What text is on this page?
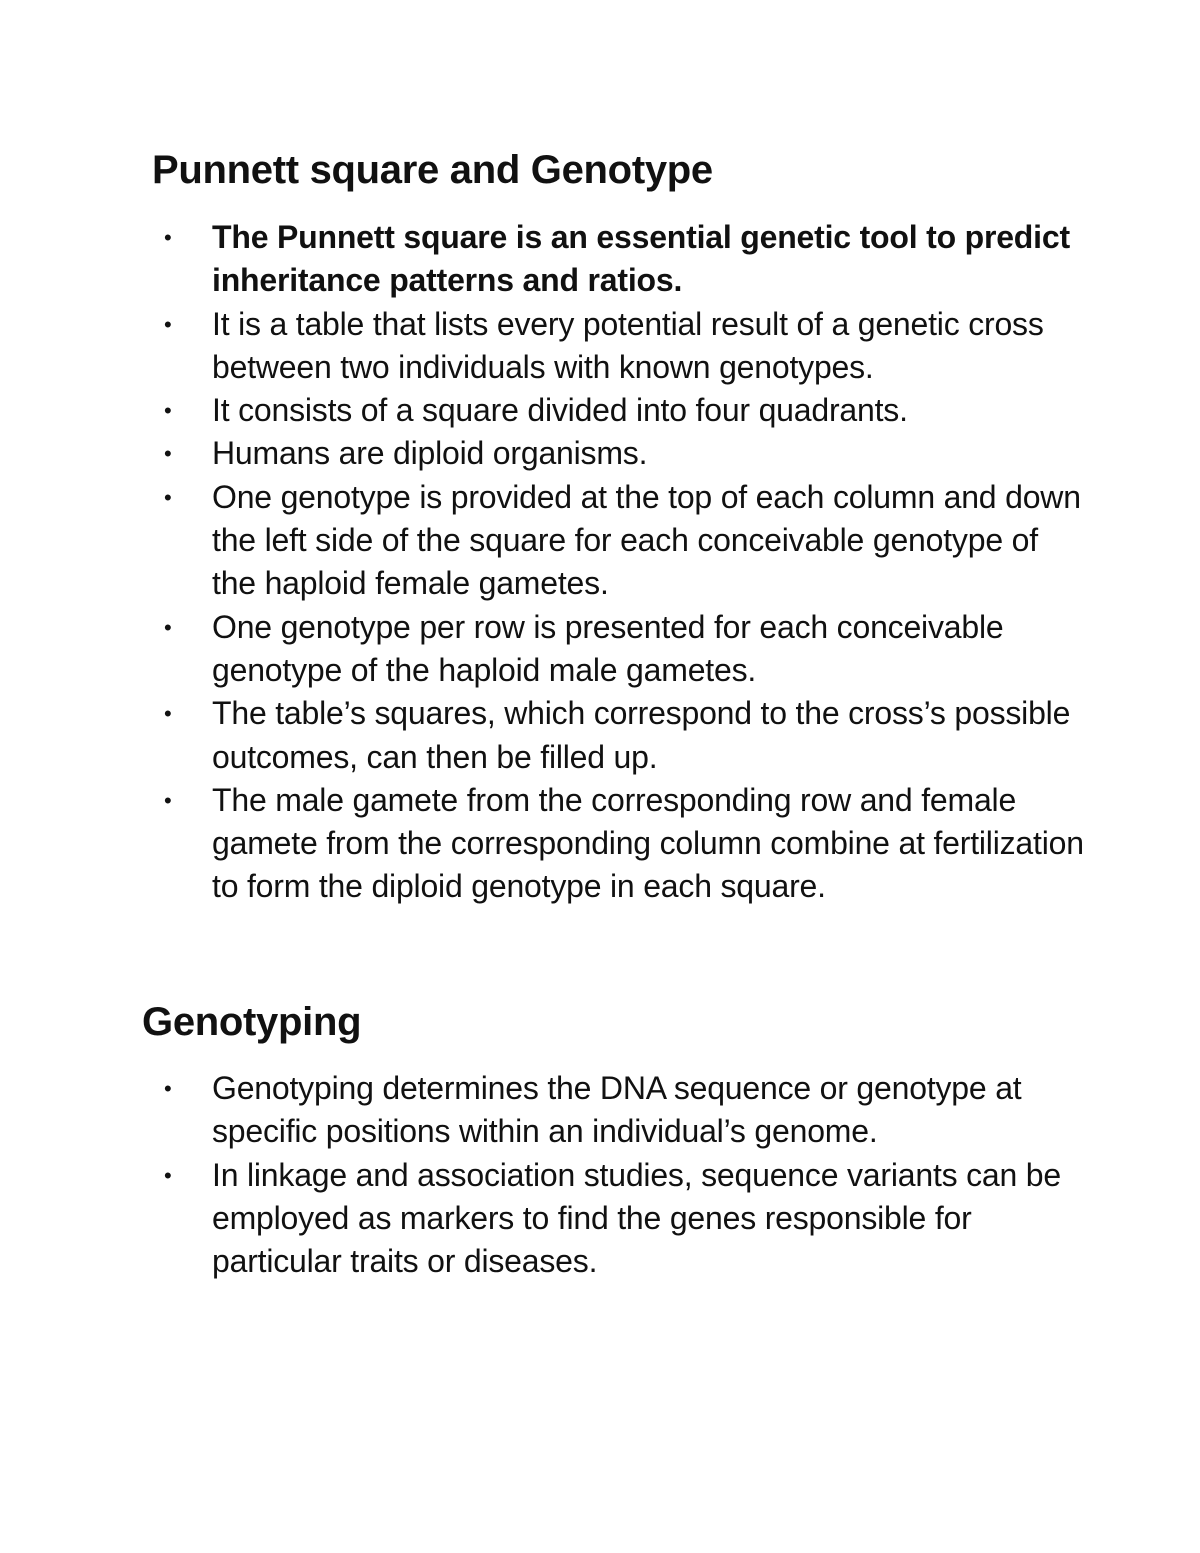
Punnett square and Genotype
• The Punnett square is an essential genetic tool to predict inheritance patterns and ratios.
• It is a table that lists every potential result of a genetic cross between two individuals with known genotypes.
• It consists of a square divided into four quadrants.
• Humans are diploid organisms.
• One genotype is provided at the top of each column and down the left side of the square for each conceivable genotype of the haploid female gametes.
• One genotype per row is presented for each conceivable genotype of the haploid male gametes.
• The table’s squares, which correspond to the cross’s possible outcomes, can then be filled up.
• The male gamete from the corresponding row and female gamete from the corresponding column combine at fertilization to form the diploid genotype in each square.
Genotyping
• Genotyping determines the DNA sequence or genotype at specific positions within an individual’s genome.
• In linkage and association studies, sequence variants can be employed as markers to find the genes responsible for particular traits or diseases.
